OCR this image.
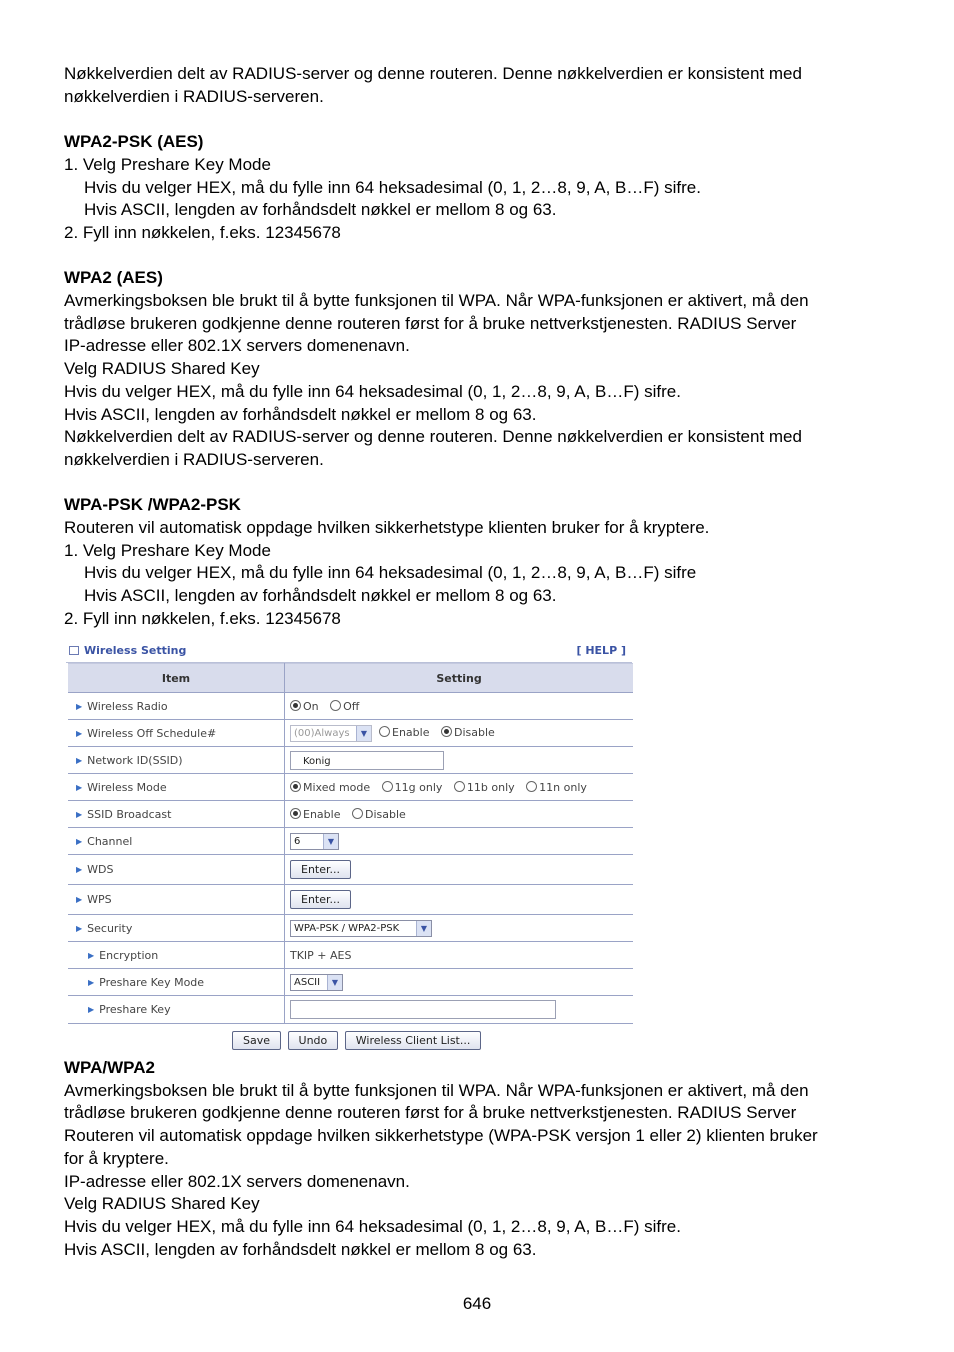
Nøkkelverdien delt av RADIUS-server og denne routeren. Denne nøkkelverdien er konsistent med

nøkkelverdien i RADIUS-serveren.

WPA2-PSK (AES)

1. Velg Preshare Key Mode

Hvis du velger HEX, må du fylle inn 64 heksadesimal (0, 1, 2…8, 9, A, B…F) sifre.

Hvis ASCII, lengden av forhåndsdelt nøkkel er mellom 8 og 63.

2. Fyll inn nøkkelen, f.eks. 12345678

WPA2 (AES)

Avmerkingsboksen ble brukt til å bytte funksjonen til WPA. Når WPA-funksjonen er aktivert, må den

trådløse brukeren godkjenne denne routeren først for å bruke nettverkstjenesten. RADIUS Server

IP-adresse eller 802.1X servers domenenavn.

Velg RADIUS Shared Key

Hvis du velger HEX, må du fylle inn 64 heksadesimal (0, 1, 2…8, 9, A, B…F) sifre.

Hvis ASCII, lengden av forhåndsdelt nøkkel er mellom 8 og 63.

Nøkkelverdien delt av RADIUS-server og denne routeren. Denne nøkkelverdien er konsistent med

nøkkelverdien i RADIUS-serveren.

WPA-PSK /WPA2-PSK

Routeren vil automatisk oppdage hvilken sikkerhetstype klienten bruker for å kryptere.

1. Velg Preshare Key Mode

Hvis du velger HEX, må du fylle inn 64 heksadesimal (0, 1, 2…8, 9, A, B…F) sifre

Hvis ASCII, lengden av forhåndsdelt nøkkel er mellom 8 og 63.

2. Fyll inn nøkkelen, f.eks. 12345678

Wireless Setting	[ HELP ]
Item	Setting
▶ Wireless Radio	On Off
▶ Wireless Off Schedule#	(00)Always ▼ Enable Disable
▶ Network ID(SSID)	Konig
▶ Wireless Mode	Mixed mode 11g only 11b only 11n only
▶ SSID Broadcast	Enable Disable
▶ Channel	6 ▼

▶ WDS	Enter...
▶ WPS	Enter...
▶ Security	WPA-PSK / WPA2-PSK ▼

▶ Encryption	TKIP + AES
▶ Preshare Key Mode	ASCII ▼

▶ Preshare Key	
Save	Undo	Wireless Client List...

WPA/WPA2

Avmerkingsboksen ble brukt til å bytte funksjonen til WPA. Når WPA-funksjonen er aktivert, må den

trådløse brukeren godkjenne denne routeren først for å bruke nettverkstjenesten. RADIUS Server

Routeren vil automatisk oppdage hvilken sikkerhetstype (WPA-PSK versjon 1 eller 2) klienten bruker

for å kryptere.

IP-adresse eller 802.1X servers domenenavn.

Velg RADIUS Shared Key

Hvis du velger HEX, må du fylle inn 64 heksadesimal (0, 1, 2…8, 9, A, B…F) sifre.

Hvis ASCII, lengden av forhåndsdelt nøkkel er mellom 8 og 63.

646
